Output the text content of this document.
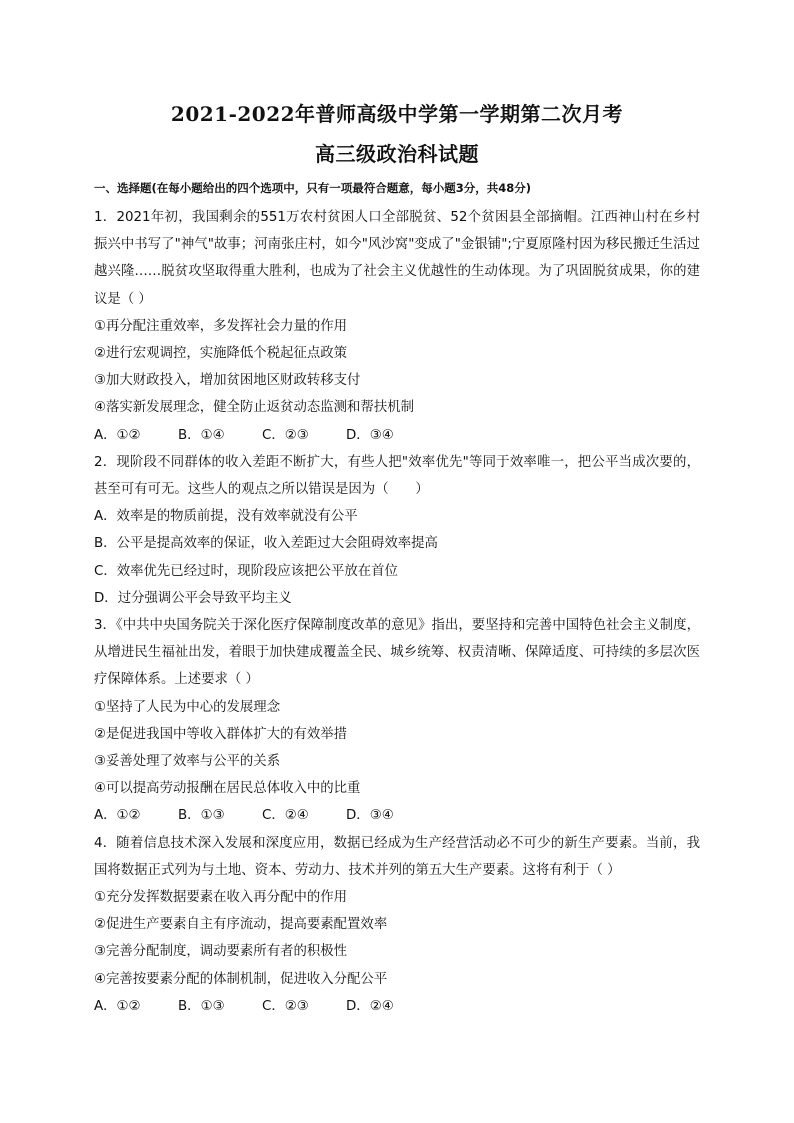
2021-2022年普师高级中学第一学期第二次月考
高三级政治科试题
一、选择题(在每小题给出的四个选项中，只有一项最符合题意，每小题3分，共48分)

1．2021年初，我国剩余的551万农村贫困人口全部脱贫、52个贫困县全部摘帽。江西神山村在乡村振兴中书写了"神气"故事；河南张庄村，如今"风沙窝"变成了"金银铺";宁夏原隆村因为移民搬迁生活过越兴隆……脱贫攻坚取得重大胜利，也成为了社会主义优越性的生动体现。为了巩固脱贫成果，你的建议是（ ）

①再分配注重效率，多发挥社会力量的作用

②进行宏观调控，实施降低个税起征点政策

③加大财政投入，增加贫困地区财政转移支付

④落实新发展理念，健全防止返贫动态监测和帮扶机制

A．①②	B．①④	C．②③	D．③④

2．现阶段不同群体的收入差距不断扩大，有些人把"效率优先"等同于效率唯一，把公平当成次要的，甚至可有可无。这些人的观点之所以错误是因为（　　）

A．效率是的物质前提，没有效率就没有公平

B．公平是提高效率的保证，收入差距过大会阻碍效率提高

C．效率优先已经过时，现阶段应该把公平放在首位

D．过分强调公平会导致平均主义

3．《中共中央国务院关于深化医疗保障制度改革的意见》指出，要坚持和完善中国特色社会主义制度，从增进民生福祉出发，着眼于加快建成覆盖全民、城乡统筹、权责清晰、保障适度、可持续的多层次医疗保障体系。上述要求（ ）

①坚持了人民为中心的发展理念

②是促进我国中等收入群体扩大的有效举措

③妥善处理了效率与公平的关系

④可以提高劳动报酬在居民总体收入中的比重

A．①②	B．①③	C．②④	D．③④

4．随着信息技术深入发展和深度应用，数据已经成为生产经营活动必不可少的新生产要素。当前，我国将数据正式列为与土地、资本、劳动力、技术并列的第五大生产要素。这将有利于（ ）

①充分发挥数据要素在收入再分配中的作用

②促进生产要素自主有序流动，提高要素配置效率

③完善分配制度，调动要素所有者的积极性

④完善按要素分配的体制机制，促进收入分配公平

A．①②	B．①③	C．②③	D．②④
